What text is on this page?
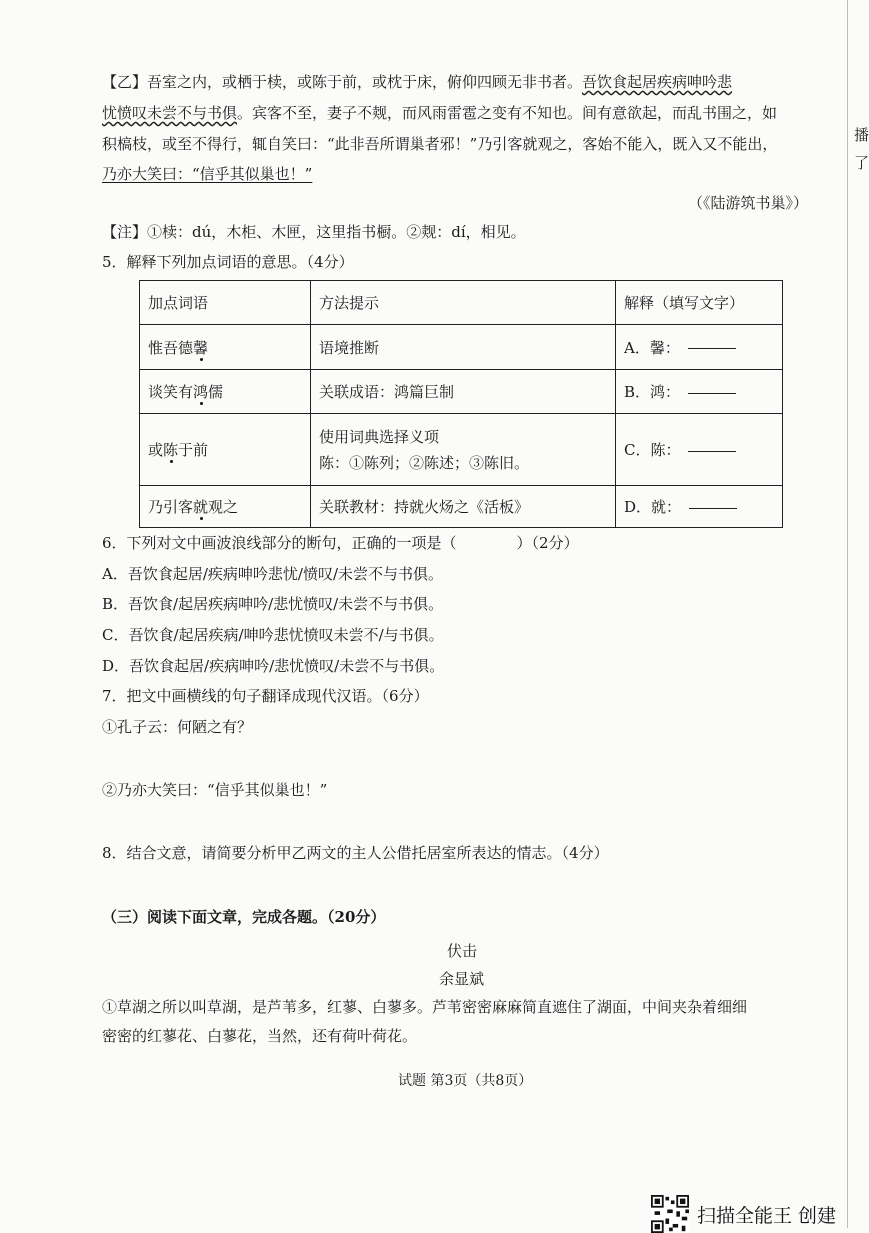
【乙】吾室之内，或栖于椟，或陈于前，或枕于床，俯仰四顾无非书者。吾饮食起居疾病呻吟悲
忧愤叹未尝不与书俱。宾客不至，妻子不觌，而风雨雷雹之变有不知也。间有意欲起，而乱书围之，如
积槁枝，或至不得行，辄自笑曰：“此非吾所谓巢者邪！”乃引客就观之，客始不能入，既入又不能出，
乃亦大笑曰：“信乎其似巢也！”
（《陆游筑书巢》）
【注】①椟：dú，木柜、木匣，这里指书橱。②觌：dí，相见。
5．解释下列加点词语的意思。（4分）
加点词语	方法提示	解释（填写文字）
惟吾德馨	语境推断	A．馨：
谈笑有鸿儒	关联成语：鸿篇巨制	B．鸿：
或陈于前	使用词典选择义项
陈：①陈列；②陈述；③陈旧。	C．陈：
乃引客就观之	关联教材：持就火炀之《活板》	D．就：
6．下列对文中画波浪线部分的断句，正确的一项是（　　　　）（2分）
A．吾饮食起居/疾病呻吟悲忧/愤叹/未尝不与书俱。
B．吾饮食/起居疾病呻吟/悲忧愤叹/未尝不与书俱。
C．吾饮食/起居疾病/呻吟悲忧愤叹未尝不/与书俱。
D．吾饮食起居/疾病呻吟/悲忧愤叹/未尝不与书俱。
7．把文中画横线的句子翻译成现代汉语。（6分）
①孔子云：何陋之有？
②乃亦大笑曰：“信乎其似巢也！”
8．结合文意，请简要分析甲乙两文的主人公借托居室所表达的情志。（4分）
（三）阅读下面文章，完成各题。（20分）
伏击
余显斌
①草湖之所以叫草湖，是芦苇多，红蓼、白蓼多。芦苇密密麻麻简直遮住了湖面，中间夹杂着细细
密密的红蓼花、白蓼花，当然，还有荷叶荷花。
试题 第3页（共8页）
播
了
扫描全能王 创建
